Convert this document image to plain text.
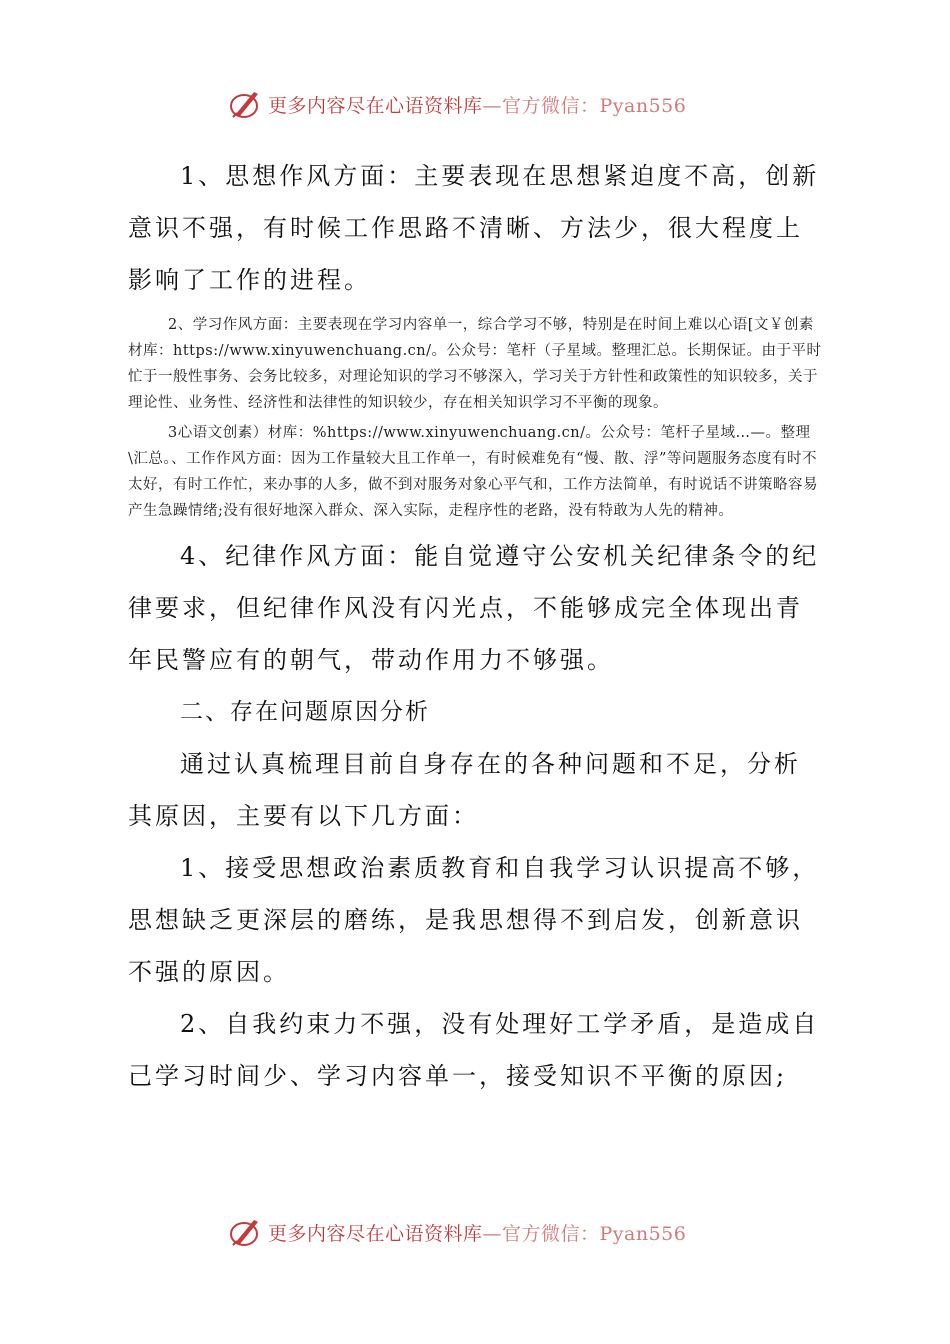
更多内容尽在心语资料库—官方微信：Pyan556

1、思想作风方面：主要表现在思想紧迫度不高，创新意识不强，有时候工作思路不清晰、方法少，很大程度上影响了工作的进程。

2、学习作风方面：主要表现在学习内容单一，综合学习不够，特别是在时间上难以心语[文￥创素材库：https://www.xinyuwenchuang.cn/。公众号：笔杆（子星域。整理汇总。长期保证。由于平时忙于一般性事务、会务比较多，对理论知识的学习不够深入，学习关于方针性和政策性的知识较多，关于理论性、业务性、经济性和法律性的知识较少，存在相关知识学习不平衡的现象。

3心语文创素）材库：%https://www.xinyuwenchuang.cn/。公众号：笔杆子星域…—。整理\汇总。、工作作风方面：因为工作量较大且工作单一，有时候难免有“慢、散、浮”等问题服务态度有时不太好，有时工作忙，来办事的人多，做不到对服务对象心平气和，工作方法简单，有时说话不讲策略容易产生急躁情绪;没有很好地深入群众、深入实际，走程序性的老路，没有特敢为人先的精神。

4、纪律作风方面：能自觉遵守公安机关纪律条令的纪律要求，但纪律作风没有闪光点，不能够成完全体现出青年民警应有的朝气，带动作用力不够强。

二、存在问题原因分析

通过认真梳理目前自身存在的各种问题和不足，分析其原因，主要有以下几方面：

1、接受思想政治素质教育和自我学习认识提高不够，思想缺乏更深层的磨练，是我思想得不到启发，创新意识不强的原因。

2、自我约束力不强，没有处理好工学矛盾，是造成自己学习时间少、学习内容单一，接受知识不平衡的原因;

更多内容尽在心语资料库—官方微信：Pyan556
